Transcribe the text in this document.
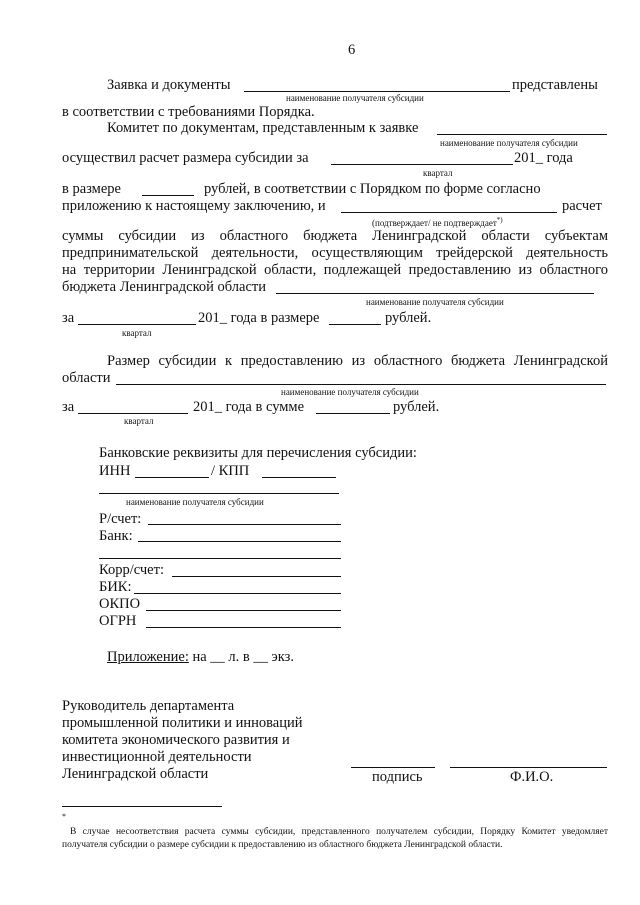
6
Заявка и документы	представлены
наименование получателя субсидии
в соответствии с требованиями Порядка.
Комитет по документам, представленным к заявке
наименование получателя субсидии
осуществил расчет размера субсидии за	201_ года
квартал
в размере	рублей, в соответствии с Порядком по форме согласно
приложению к настоящему заключению, и	расчет
(подтверждает/ не подтверждает*)
суммы субсидии из областного бюджета Ленинградской области субъектам
предпринимательской деятельности, осуществляющим трейдерской деятельность
на территории Ленинградской области, подлежащей предоставлению из областного
бюджета Ленинградской области
наименование получателя субсидии
за	201_ года в размере	рублей.
квартал
Размер субсидии к предоставлению из областного бюджета Ленинградской
области
наименование получателя субсидии
за	201_ года в сумме	рублей.
квартал
Банковские реквизиты для перечисления субсидии:
ИНН	/ КПП
наименование получателя субсидии
Р/счет:
Банк:
Корр/счет:
БИК:
ОКПО
ОГРН
Приложение: на __ л. в __ экз.
Руководитель департамента
промышленной политики и инноваций
комитета экономического развития и
инвестиционной деятельности
Ленинградской области	подпись	Ф.И.О.
*
В случае несоответствия расчета суммы субсидии, представленного получателем субсидии, Порядку Комитет уведомляет получателя субсидии о размере субсидии к предоставлению из областного бюджета Ленинградской области.
